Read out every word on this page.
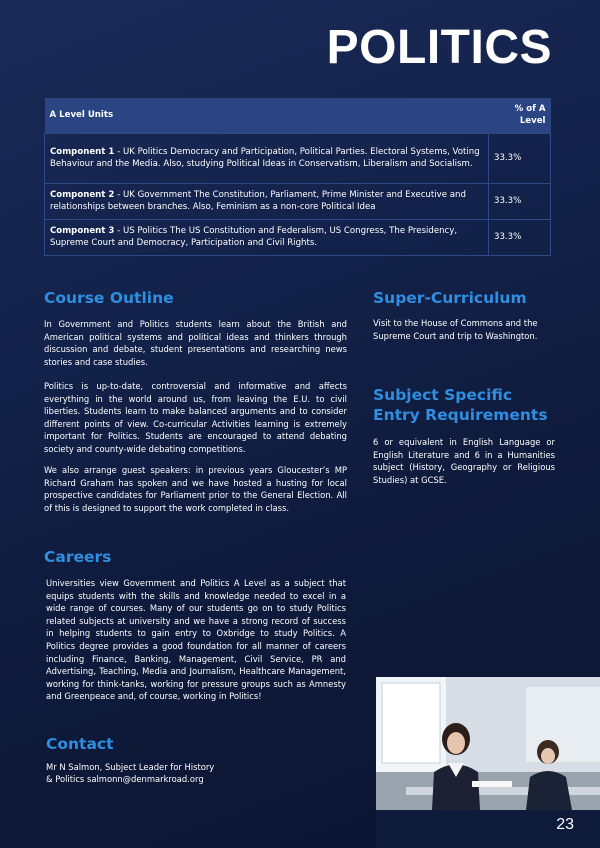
POLITICS
A Level Units	% of A Level
Component 1 - UK Politics Democracy and Participation, Political Parties. Electoral Systems, Voting Behaviour and the Media. Also, studying Political Ideas in Conservatism, Liberalism and Socialism.	33.3%
Component 2 - UK Government The Constitution, Parliament, Prime Minister and Executive and relationships between branches. Also, Feminism as a non-core Political Idea	33.3%
Component 3 - US Politics The US Constitution and Federalism, US Congress, The Presidency, Supreme Court and Democracy, Participation and Civil Rights.	33.3%
Course Outline

In Government and Politics students learn about the British and American political systems and political ideas and thinkers through discussion and debate, student presentations and researching news stories and case studies.

Politics is up-to-date, controversial and informative and affects everything in the world around us, from leaving the E.U. to civil liberties. Students learn to make balanced arguments and to consider different points of view. Co-curricular Activities learning is extremely important for Politics. Students are encouraged to attend debating society and county-wide debating competitions.

We also arrange guest speakers: in previous years Gloucester’s MP Richard Graham has spoken and we have hosted a husting for local prospective candidates for Parliament prior to the General Election. All of this is designed to support the work completed in class.

Super-Curriculum

Visit to the House of Commons and the Supreme Court and trip to Washington.

Subject Specific Entry Requirements

6 or equivalent in English Language or English Literature and 6 in a Humanities subject (History, Geography or Religious Studies) at GCSE.

Careers

Universities view Government and Politics A Level as a subject that equips students with the skills and knowledge needed to excel in a wide range of courses. Many of our students go on to study Politics related subjects at university and we have a strong record of success in helping students to gain entry to Oxbridge to study Politics. A Politics degree provides a good foundation for all manner of careers including Finance, Banking, Management, Civil Service, PR and Advertising, Teaching, Media and Journalism, Healthcare Management, working for think-tanks, working for pressure groups such as Amnesty and Greenpeace and, of course, working in Politics!

Contact

Mr N Salmon, Subject Leader for History

& Politics salmonn@denmarkroad.org

23
